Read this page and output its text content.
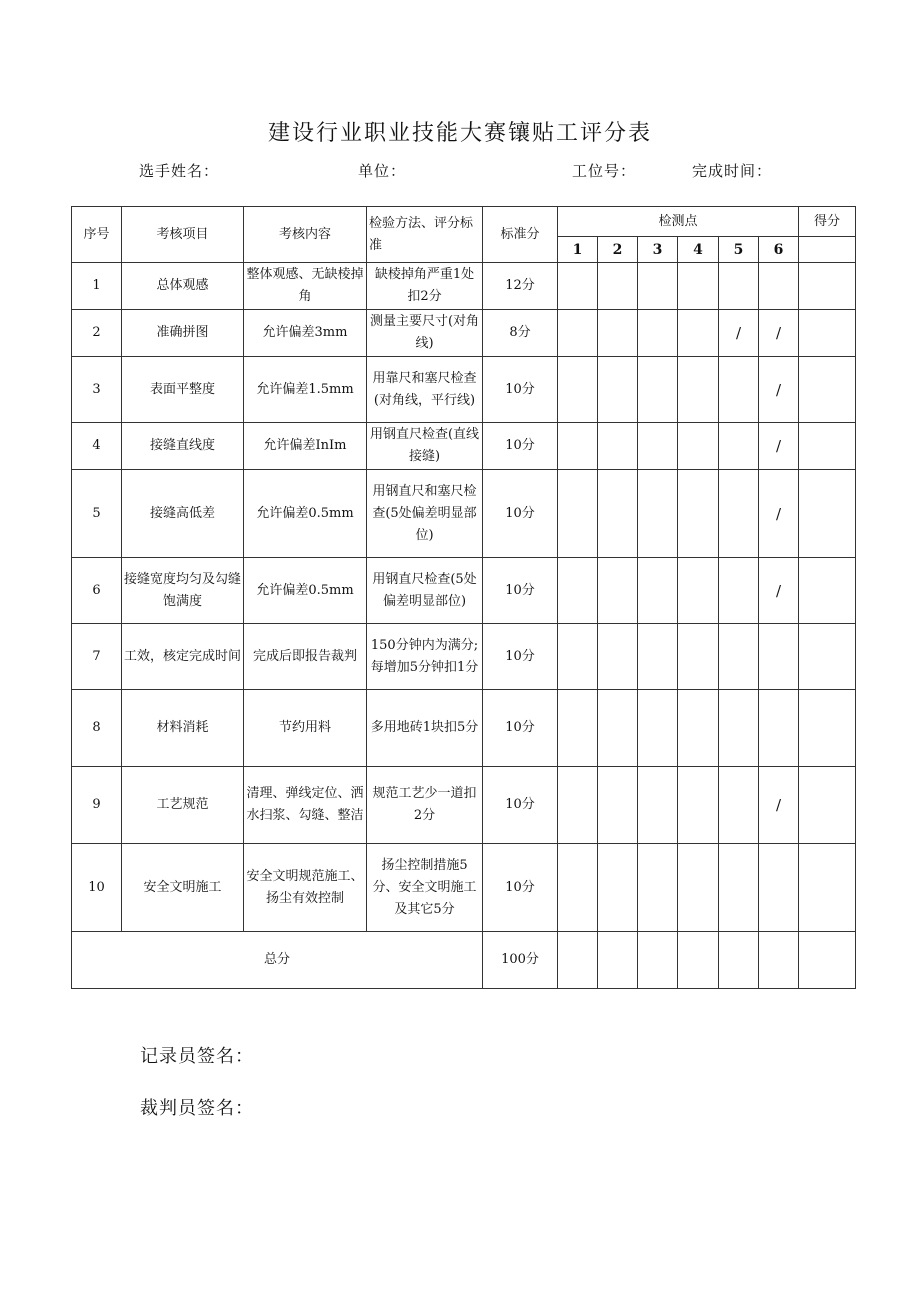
建设行业职业技能大赛镶贴工评分表
选手姓名：	单位：	工位号：	完成时间：
序号	考核项目	考核内容	检验方法、评分标准	标准分	检测点						得分
					1	2	3	4	5	6	
1	总体观感	整体观感、无缺棱掉角	缺棱掉角严重1处扣2分	12分							
2	准确拼图	允许偏差3mm	测量主要尺寸(对角线)	8分					/	/	
3	表面平整度	允许偏差1.5mm	用靠尺和塞尺检查(对角线，平行线)	10分						/	
4	接缝直线度	允许偏差InIm	用钢直尺检查(直线接缝)	10分						/	
5	接缝高低差	允许偏差0.5mm	用钢直尺和塞尺检查(5处偏差明显部位)	10分						/	
6	接缝宽度均匀及勾缝饱满度	允许偏差0.5mm	用钢直尺检查(5处偏差明显部位)	10分						/	
7	工效，核定完成时间	完成后即报告裁判	150分钟内为满分;每增加5分钟扣1分	10分							
8	材料消耗	节约用料	多用地砖1块扣5分	10分							
9	工艺规范	清理、弹线定位、洒水扫浆、勾缝、整洁	规范工艺少一道扣2分	10分						/	
10	安全文明施工	安全文明规范施工、扬尘有效控制	扬尘控制措施5分、安全文明施工及其它5分	10分							
总分				100分							
记录员签名：
裁判员签名：
